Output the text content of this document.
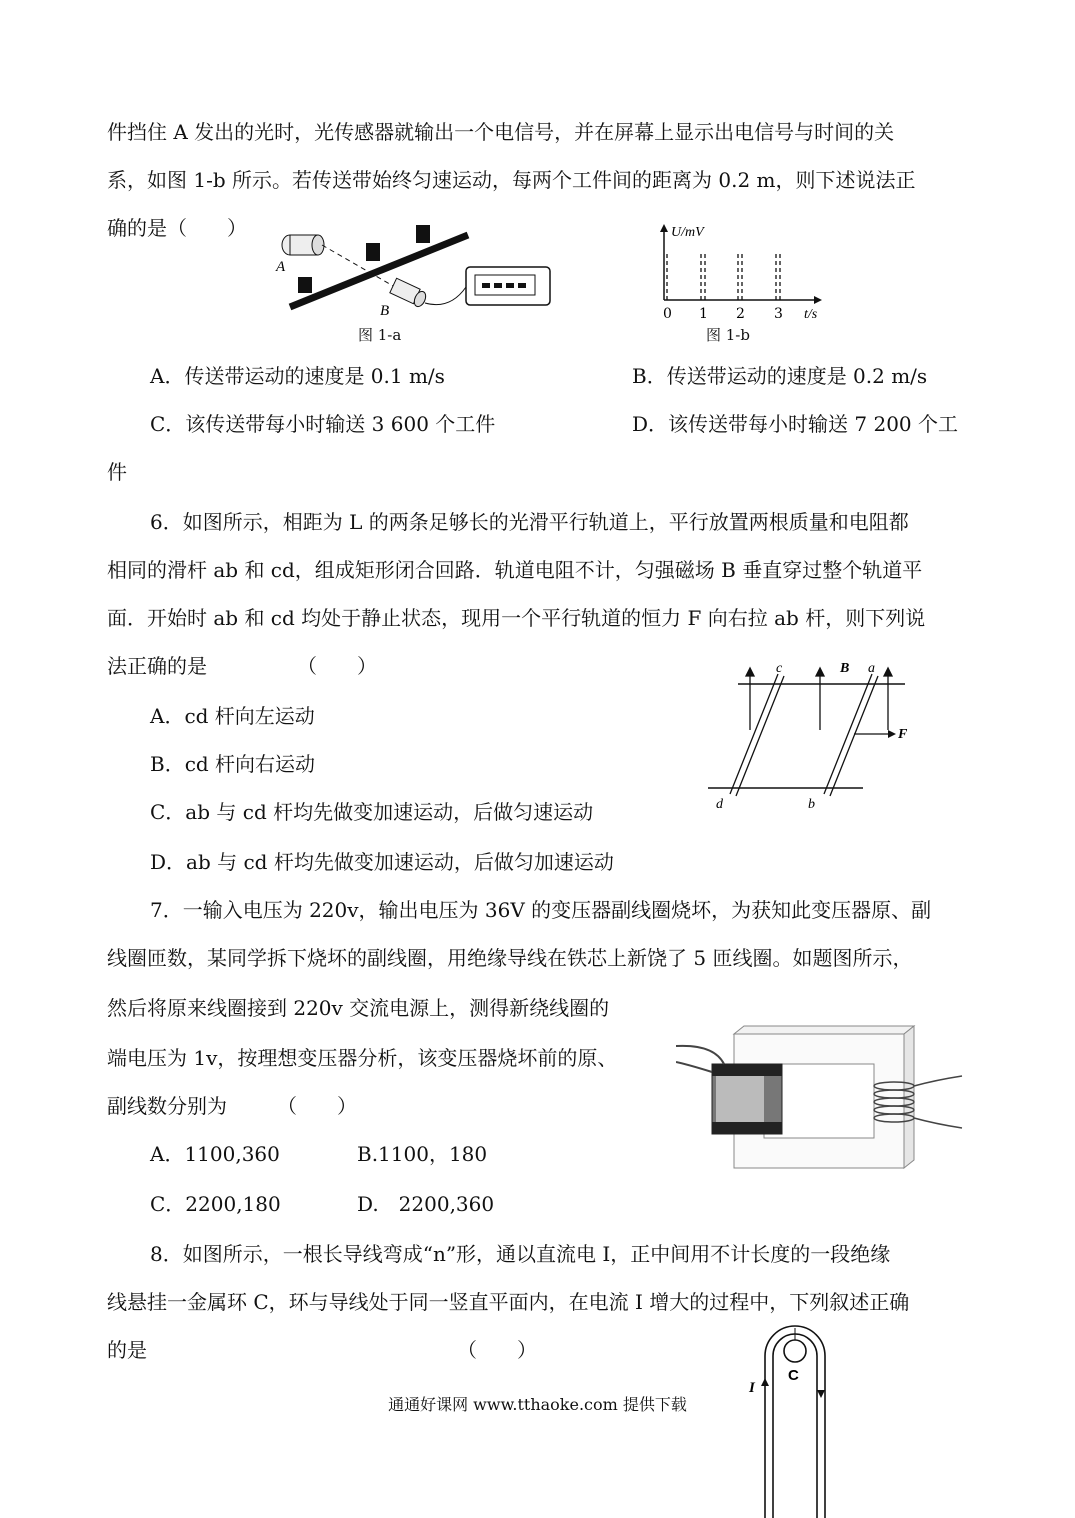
件挡住 A 发出的光时，光传感器就输出一个电信号，并在屏幕上显示出电信号与时间的关
系，如图 1-b 所示。若传送带始终匀速运动，每两个工件间的距离为 0.2 m，则下述说法正
确的是（　　）
A
B
图 1-a
U/mV
t/s
0 1 2 3
图 1-b
A．传送带运动的速度是 0.1 m/s	B．传送带运动的速度是 0.2 m/s
C．该传送带每小时输送 3 600 个工件	D．该传送带每小时输送 7 200 个工
件
6．如图所示，相距为 L 的两条足够长的光滑平行轨道上，平行放置两根质量和电阻都
相同的滑杆 ab 和 cd，组成矩形闭合回路．轨道电阻不计，匀强磁场 B 垂直穿过整个轨道平
面．开始时 ab 和 cd 均处于静止状态，现用一个平行轨道的恒力 F 向右拉 ab 杆，则下列说
法正确的是　　　　　（　　）
A．cd 杆向左运动
B．cd 杆向右运动
C．ab 与 cd 杆均先做变加速运动，后做匀速运动
D．ab 与 cd 杆均先做变加速运动，后做匀加速运动
c	B a
F
d	b
7．一输入电压为 220v，输出电压为 36V 的变压器副线圈烧坏，为获知此变压器原、副
线圈匝数，某同学拆下烧坏的副线圈，用绝缘导线在铁芯上新饶了 5 匝线圈。如题图所示，
然后将原来线圈接到 220v 交流电源上，测得新绕线圈的
端电压为 1v，按理想变压器分析，该变压器烧坏前的原、
副线数分别为　　　（　　）
A．1100,360	B.1100，180
C．2200,180	D.　2200,360
8．如图所示，一根长导线弯成“n”形，通以直流电 I，正中间用不计长度的一段绝缘
线悬挂一金属环 C，环与导线处于同一竖直平面内，在电流 I 增大的过程中，下列叙述正确
的是　　　　　　　　　　　　　　　　（　　）
C
I
通通好课网 www.tthaoke.com 提供下载
